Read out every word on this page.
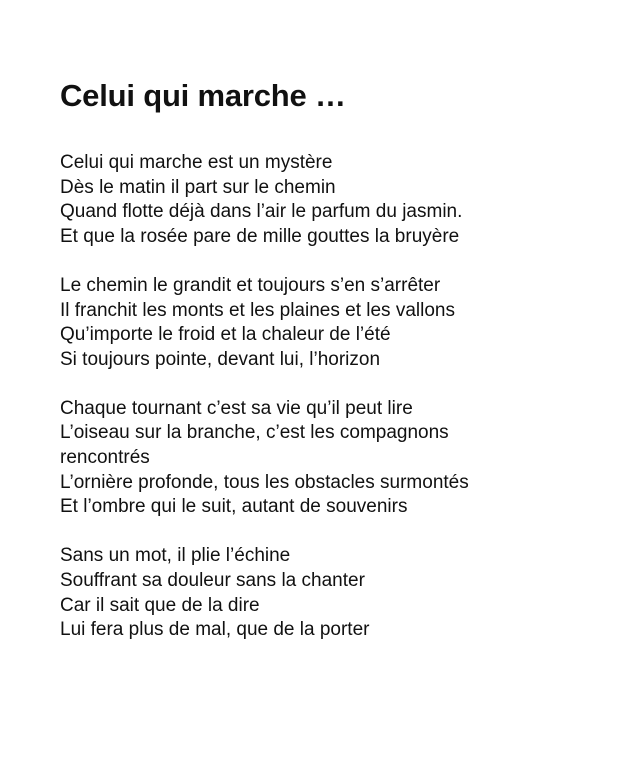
Celui qui marche …
Celui qui marche est un mystère
Dès le matin il part sur le chemin
Quand flotte déjà dans l’air le parfum du jasmin.
Et que la rosée pare de mille gouttes la bruyère
Le chemin le grandit et toujours s’en s’arrêter
Il franchit les monts et les plaines et les vallons
Qu’importe le froid et la chaleur de l’été
Si toujours pointe, devant lui, l’horizon
Chaque tournant c’est sa vie qu’il peut lire
L’oiseau sur la branche, c’est les compagnons
rencontrés
L’ornière profonde, tous les obstacles surmontés
Et l’ombre qui le suit, autant de souvenirs
Sans un mot, il plie l’échine
Souffrant sa douleur sans la chanter
Car il sait que de la dire
Lui fera plus de mal, que de la porter
